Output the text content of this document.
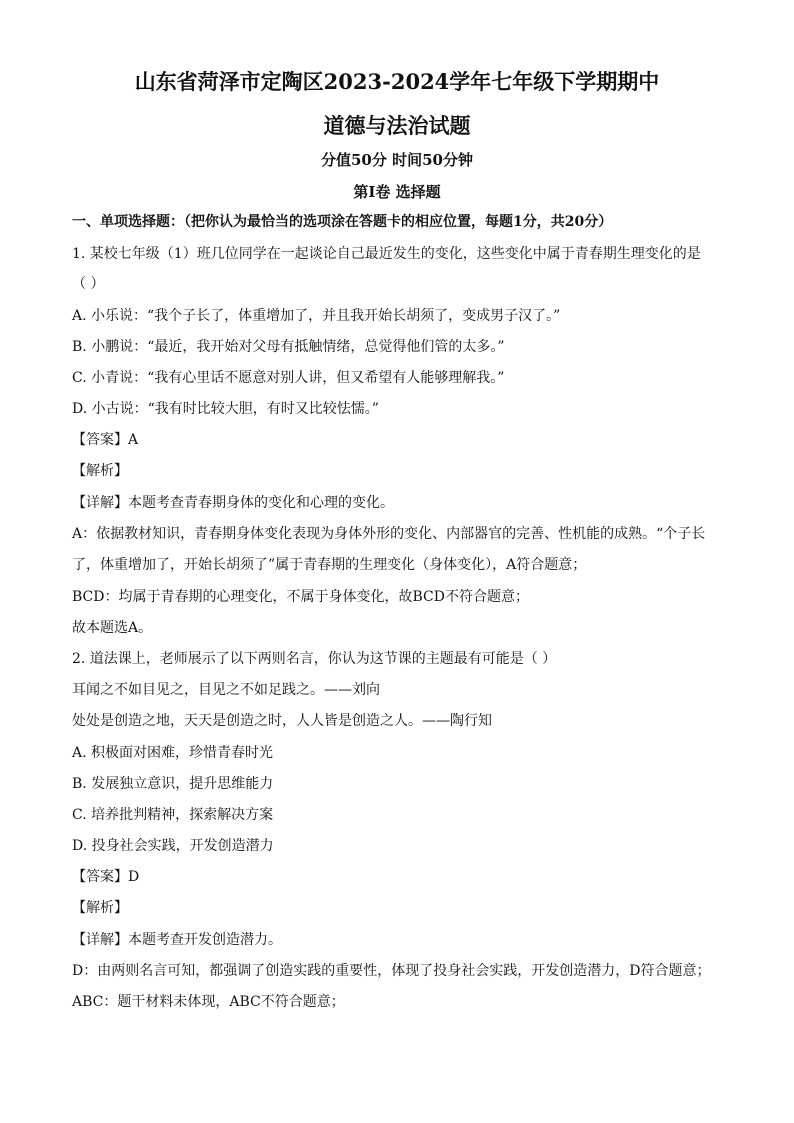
山东省菏泽市定陶区2023-2024学年七年级下学期期中
道德与法治试题
分值50分 时间50分钟
第Ⅰ卷 选择题
一、单项选择题：（把你认为最恰当的选项涂在答题卡的相应位置，每题1分，共20分）
1. 某校七年级（1）班几位同学在一起谈论自己最近发生的变化，这些变化中属于青春期生理变化的是
（ ）
A. 小乐说：“我个子长了，体重增加了，并且我开始长胡须了，变成男子汉了。”
B. 小鹏说：“最近，我开始对父母有抵触情绪，总觉得他们管的太多。”
C. 小青说：“我有心里话不愿意对别人讲，但又希望有人能够理解我。”
D. 小古说：“我有时比较大胆，有时又比较怯懦。”
【答案】A
【解析】
【详解】本题考查青春期身体的变化和心理的变化。
A：依据教材知识，青春期身体变化表现为身体外形的变化、内部器官的完善、性机能的成熟。“个子长
了，体重增加了，开始长胡须了”属于青春期的生理变化（身体变化），A符合题意；
BCD：均属于青春期的心理变化，不属于身体变化，故BCD不符合题意；
故本题选A。
2. 道法课上，老师展示了以下两则名言，你认为这节课的主题最有可能是（ ）
耳闻之不如目见之，目见之不如足践之。——刘向
处处是创造之地，天天是创造之时，人人皆是创造之人。——陶行知
A. 积极面对困难，珍惜青春时光
B. 发展独立意识，提升思维能力
C. 培养批判精神，探索解决方案
D. 投身社会实践，开发创造潜力
【答案】D
【解析】
【详解】本题考查开发创造潜力。
D：由两则名言可知，都强调了创造实践的重要性，体现了投身社会实践，开发创造潜力，D符合题意；
ABC：题干材料未体现，ABC不符合题意；
